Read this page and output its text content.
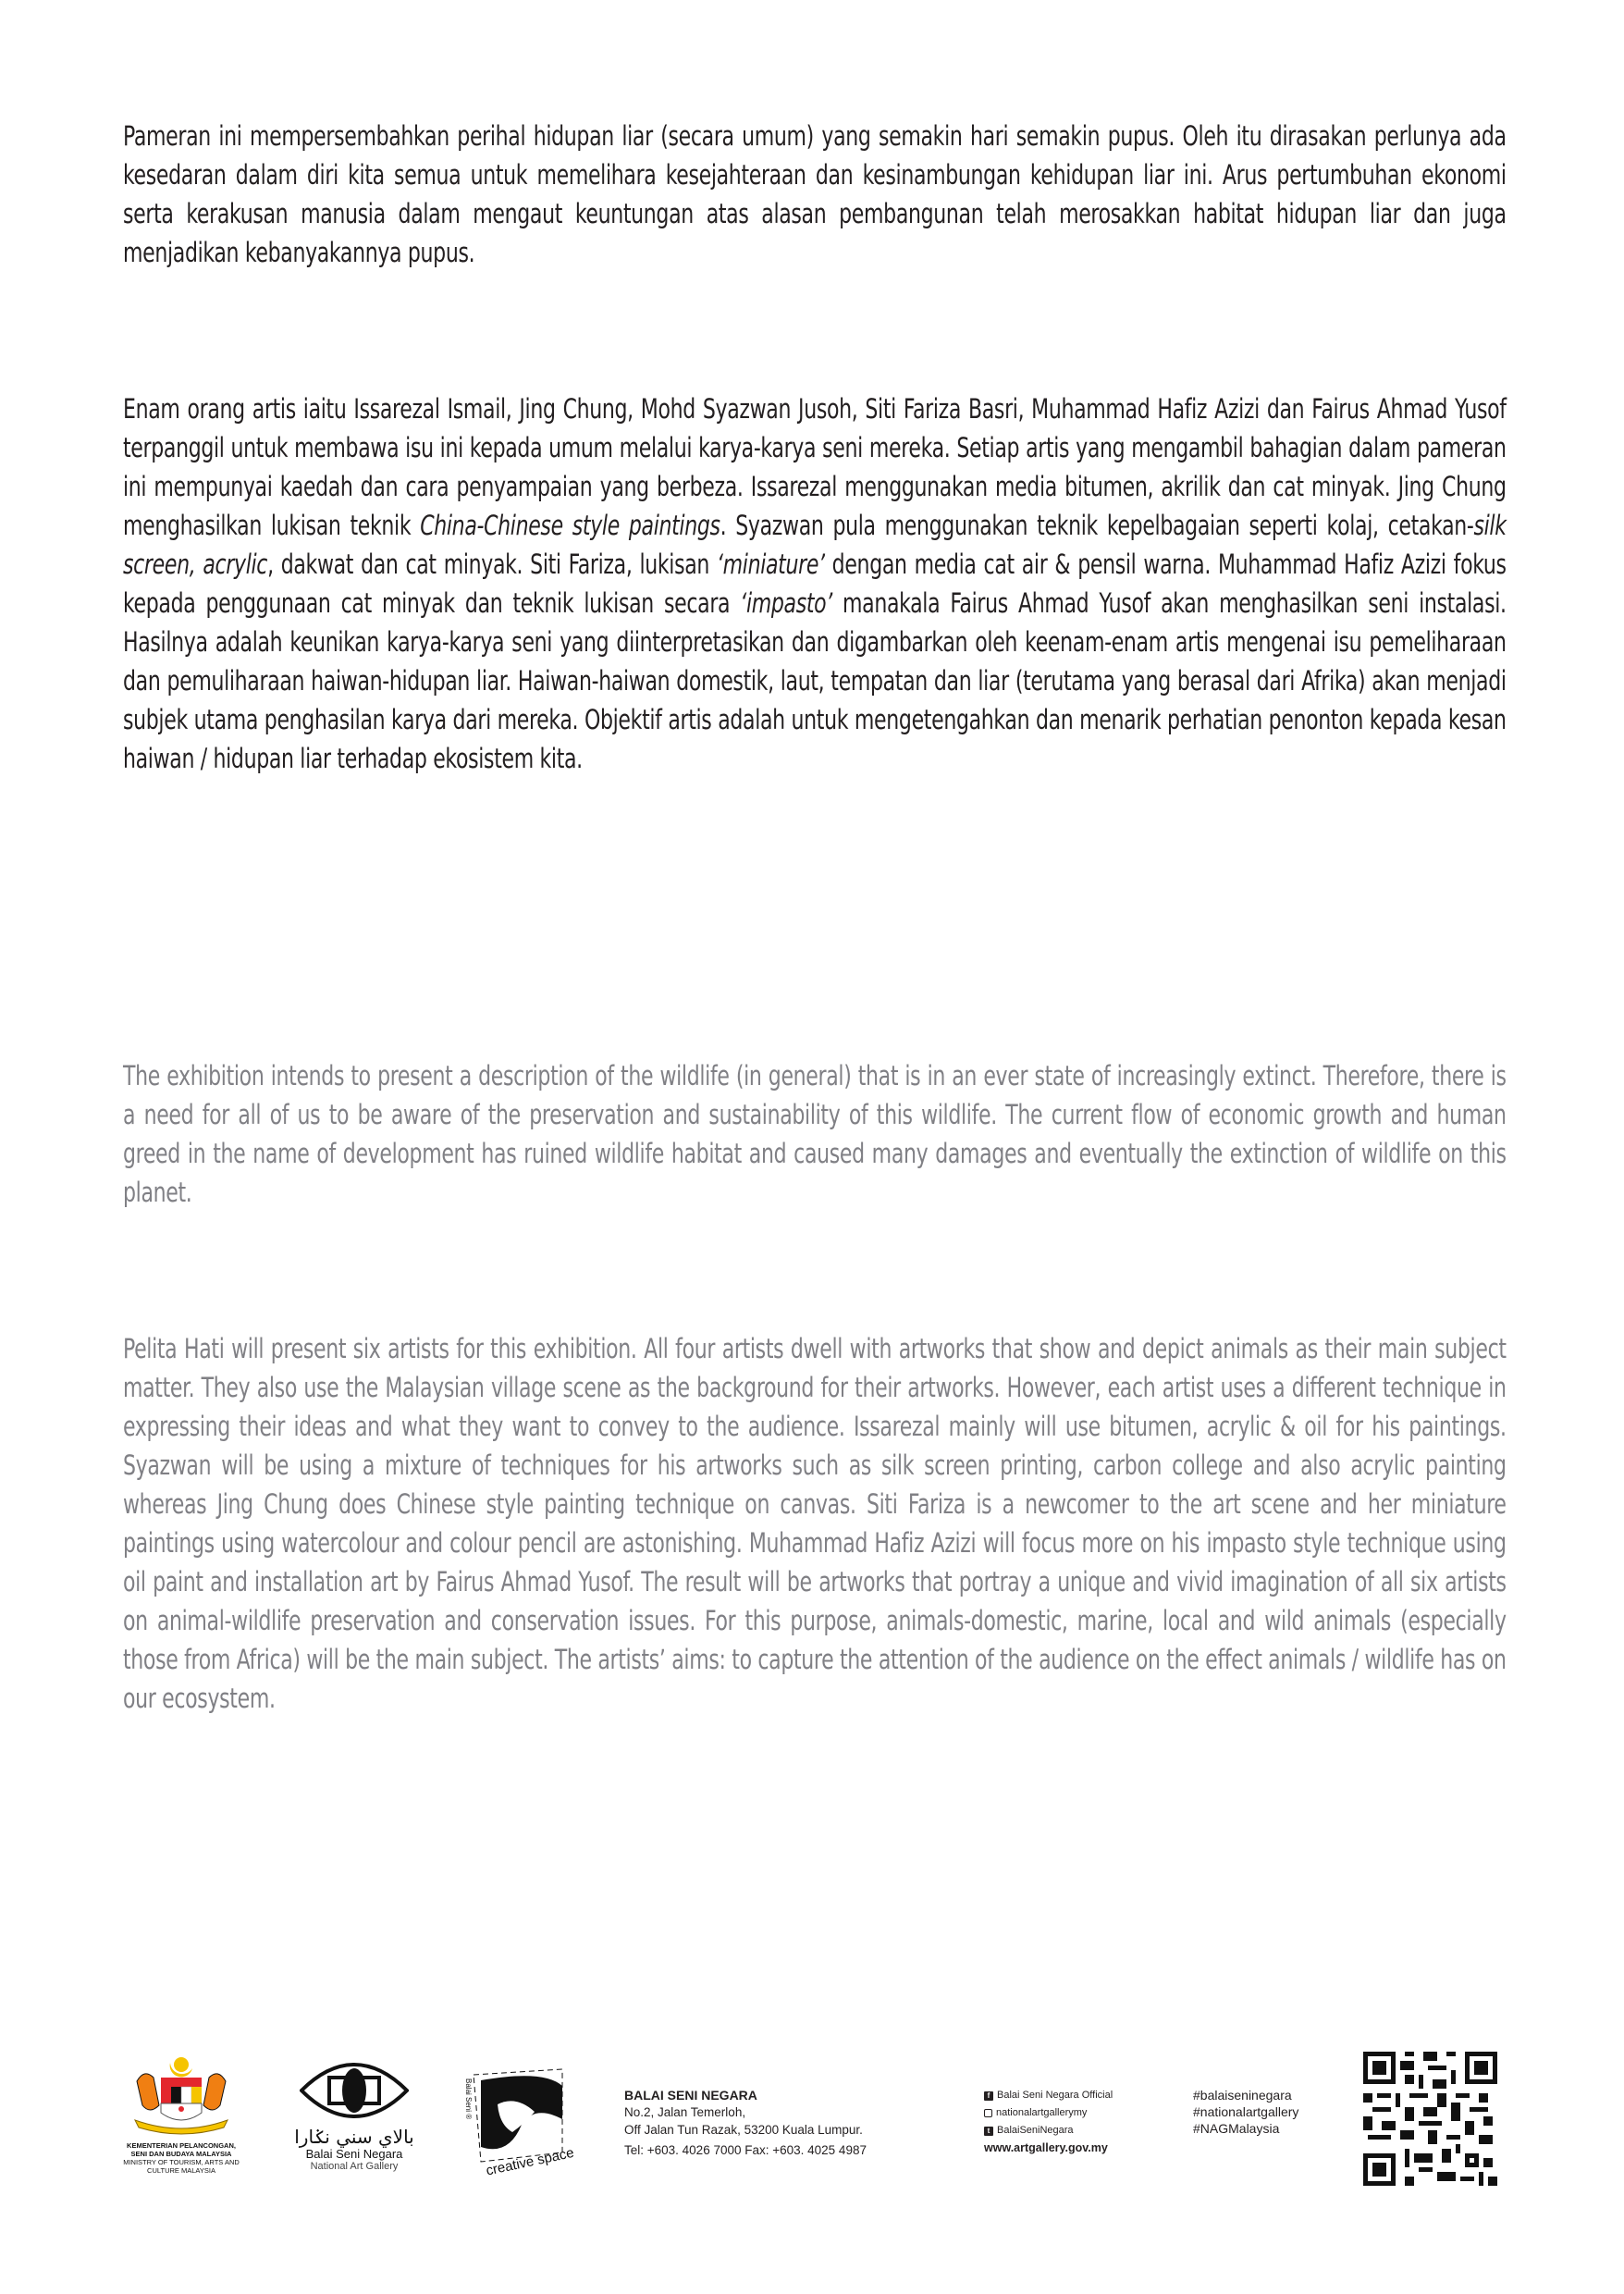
Pameran ini mempersembahkan perihal hidupan liar (secara umum) yang semakin hari semakin pupus. Oleh itu dirasakan perlunya ada kesedaran dalam diri kita semua untuk memelihara kesejahteraan dan kesinambungan kehidupan liar ini. Arus pertumbuhan ekonomi serta kerakusan manusia dalam mengaut keuntungan atas alasan pembangunan telah merosakkan habitat hidupan liar dan juga menjadikan kebanyakannya pupus.

Enam orang artis iaitu Issarezal Ismail, Jing Chung, Mohd Syazwan Jusoh, Siti Fariza Basri, Muhammad Hafiz Azizi dan Fairus Ahmad Yusof terpanggil untuk membawa isu ini kepada umum melalui karya-karya seni mereka. Setiap artis yang mengambil bahagian dalam pameran ini mempunyai kaedah dan cara penyampaian yang berbeza. Issarezal menggunakan media bitumen, akrilik dan cat minyak. Jing Chung menghasilkan lukisan teknik China-Chinese style paintings. Syazwan pula menggunakan teknik kepelbagaian seperti kolaj, cetakan-silk screen, acrylic, dakwat dan cat minyak. Siti Fariza, lukisan ‘miniature’ dengan media cat air & pensil warna. Muhammad Hafiz Azizi fokus kepada penggunaan cat minyak dan teknik lukisan secara ‘impasto’ manakala Fairus Ahmad Yusof akan menghasilkan seni instalasi. Hasilnya adalah keunikan karya-karya seni yang diinterpretasikan dan digambarkan oleh keenam-enam artis mengenai isu pemeliharaan dan pemuliharaan haiwan-hidupan liar. Haiwan-haiwan domestik, laut, tempatan dan liar (terutama yang berasal dari Afrika) akan menjadi subjek utama penghasilan karya dari mereka. Objektif artis adalah untuk mengetengahkan dan menarik perhatian penonton kepada kesan haiwan / hidupan liar terhadap ekosistem kita.

The exhibition intends to present a description of the wildlife (in general) that is in an ever state of increasingly extinct. Therefore, there is a need for all of us to be aware of the preservation and sustainability of this wildlife. The current flow of economic growth and human greed in the name of development has ruined wildlife habitat and caused many damages and eventually the extinction of wildlife on this planet.

Pelita Hati will present six artists for this exhibition. All four artists dwell with artworks that show and depict animals as their main subject matter. They also use the Malaysian village scene as the background for their artworks. However, each artist uses a different technique in expressing their ideas and what they want to convey to the audience. Issarezal mainly will use bitumen, acrylic & oil for his paintings. Syazwan will be using a mixture of techniques for his artworks such as silk screen printing, carbon college and also acrylic painting whereas Jing Chung does Chinese style painting technique on canvas. Siti Fariza is a newcomer to the art scene and her miniature paintings using watercolour and colour pencil are astonishing. Muhammad Hafiz Azizi will focus more on his impasto style technique using oil paint and installation art by Fairus Ahmad Yusof. The result will be artworks that portray a unique and vivid imagination of all six artists on animal-wildlife preservation and conservation issues. For this purpose, animals-domestic, marine, local and wild animals (especially those from Africa) will be the main subject. The artists’ aims: to capture the attention of the audience on the effect animals / wildlife has on our ecosystem.

KEMENTERIAN PELANCONGAN,
SENI DAN BUDAYA MALAYSIA
MINISTRY OF TOURISM, ARTS AND
CULTURE MALAYSIA
بالاي سني نݢارا
Balai Seni Negara
National Art Gallery
Balai Seni ®
creative space
BALAI SENI NEGARA
No.2, Jalan Temerloh,
Off Jalan Tun Razak, 53200 Kuala Lumpur.
Tel: +603. 4026 7000 Fax: +603. 4025 4987
f Balai Seni Negara Official
nationalartgallerymy
t BalaiSeniNegara
www.artgallery.gov.my
#balaiseninegara
#nationalartgallery
#NAGMalaysia
